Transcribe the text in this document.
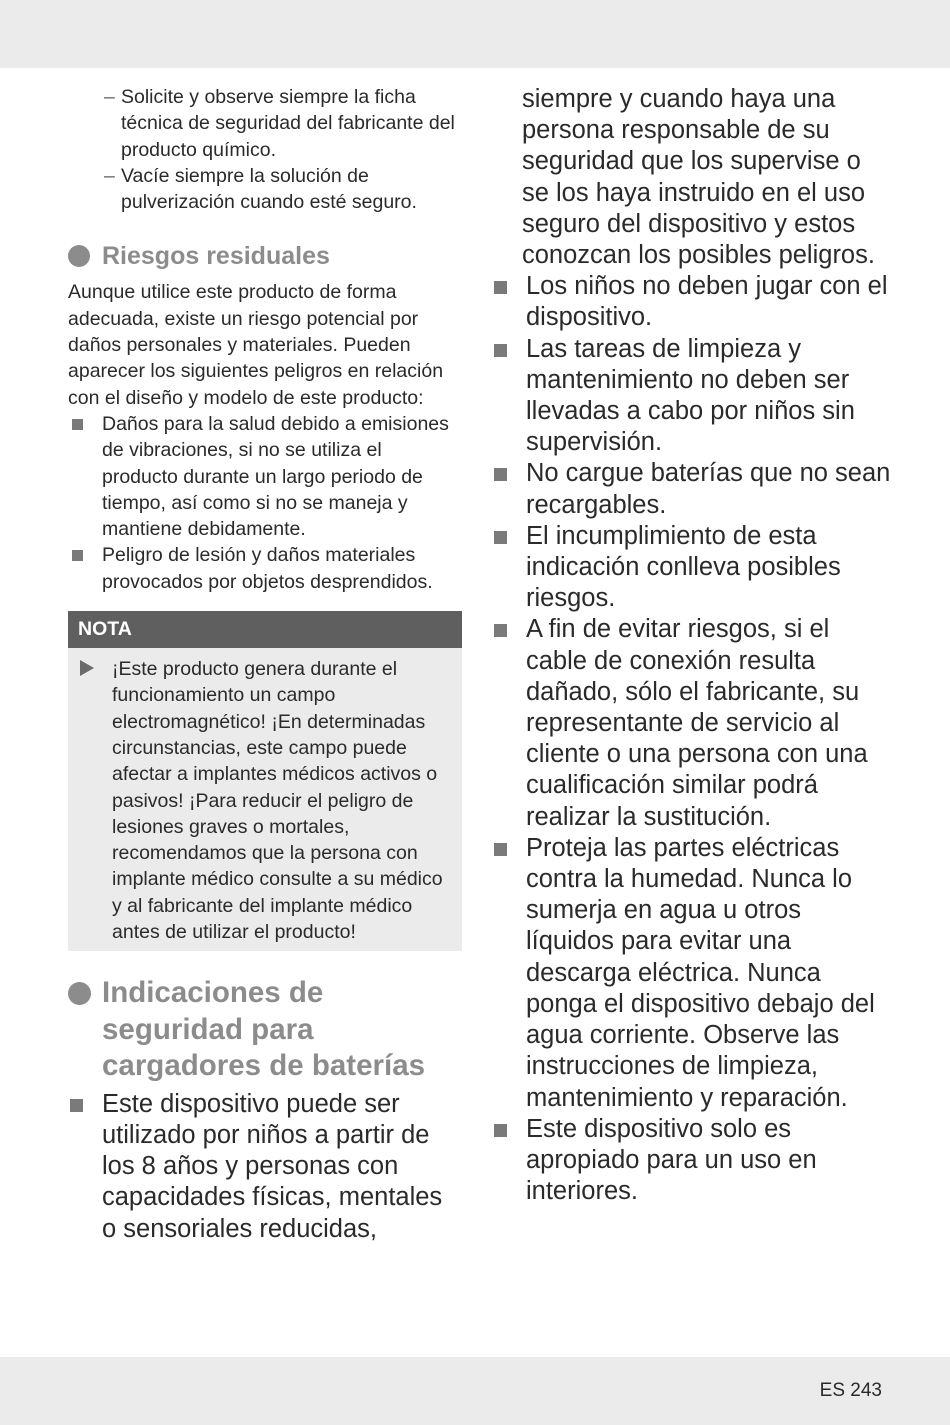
– Solicite y observe siempre la ficha técnica de seguridad del fabricante del producto químico.
– Vacíe siempre la solución de pulverización cuando esté seguro.
Riesgos residuales

Aunque utilice este producto de forma adecuada, existe un riesgo potencial por daños personales y materiales. Pueden aparecer los siguientes peligros en relación con el diseño y modelo de este producto:

Daños para la salud debido a emisiones de vibraciones, si no se utiliza el producto durante un largo periodo de tiempo, así como si no se maneja y mantiene debidamente.
Peligro de lesión y daños materiales provocados por objetos desprendidos.
NOTA
¡Este producto genera durante el funcionamiento un campo electromagnético! ¡En determinadas circunstancias, este campo puede afectar a implantes médicos activos o pasivos! ¡Para reducir el peligro de lesiones graves o mortales, recomendamos que la persona con implante médico consulte a su médico y al fabricante del implante médico antes de utilizar el producto!
Indicaciones de seguridad para cargadores de baterías
Este dispositivo puede ser utilizado por niños a partir de los 8 años y personas con capacidades físicas, mentales o sensoriales reducidas,
siempre y cuando haya una persona responsable de su seguridad que los supervise o se los haya instruido en el uso seguro del dispositivo y estos conozcan los posibles peligros.
Los niños no deben jugar con el dispositivo.
Las tareas de limpieza y mantenimiento no deben ser llevadas a cabo por niños sin supervisión.
No cargue baterías que no sean recargables.
El incumplimiento de esta indicación conlleva posibles riesgos.
A fin de evitar riesgos, si el cable de conexión resulta dañado, sólo el fabricante, su representante de servicio al cliente o una persona con una cualificación similar podrá realizar la sustitución.
Proteja las partes eléctricas contra la humedad. Nunca lo sumerja en agua u otros líquidos para evitar una descarga eléctrica. Nunca ponga el dispositivo debajo del agua corriente. Observe las instrucciones de limpieza, mantenimiento y reparación.
Este dispositivo solo es apropiado para un uso en interiores.
ES 243
